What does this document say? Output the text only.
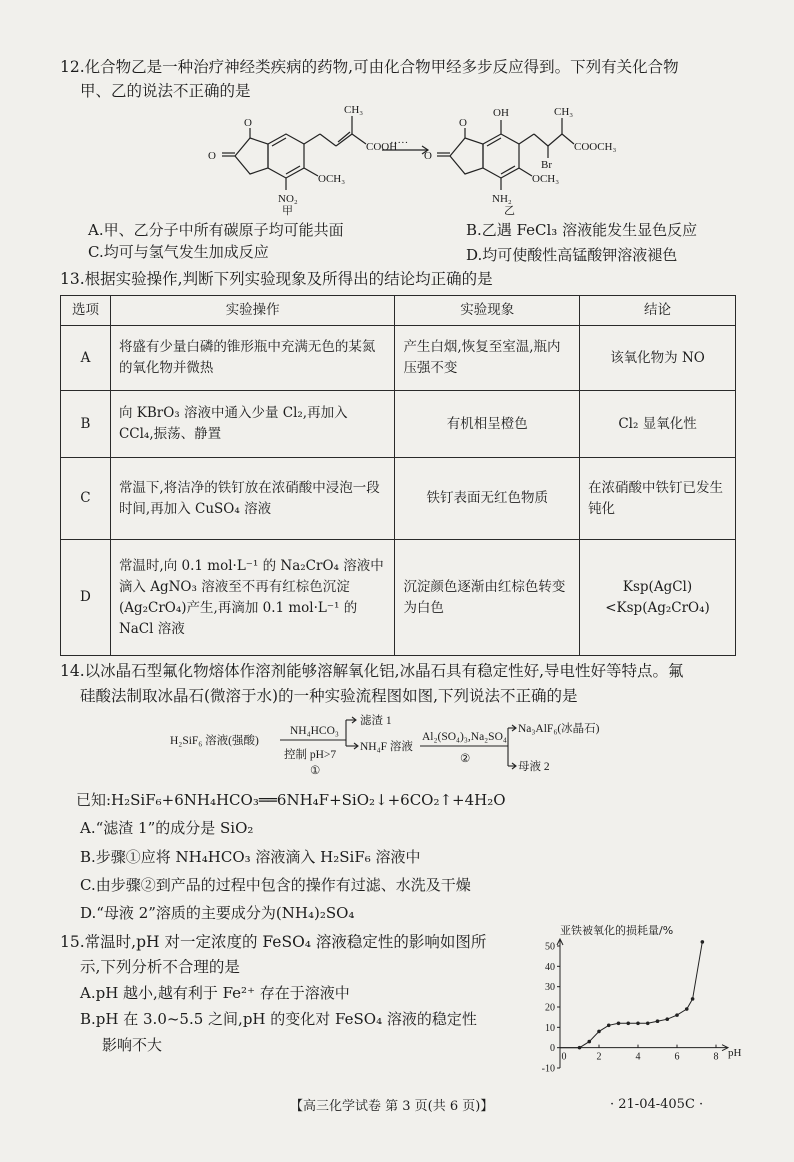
12.化合物乙是一种治疗神经类疾病的药物,可由化合物甲经多步反应得到。下列有关化合物
甲、乙的说法不正确的是
O
O
CH₃
COOH
OCH₃
NO₂
甲
·····
O
O
OH	CH₃
COOCH₃
Br
OCH₃
NH₂
乙
A.甲、乙分子中所有碳原子均可能共面	B.乙遇 FeCl₃ 溶液能发生显色反应
C.均可与氢气发生加成反应	D.均可使酸性高锰酸钾溶液褪色
13.根据实验操作,判断下列实验现象及所得出的结论均正确的是
选项	实验操作	实验现象	结论
A	将盛有少量白磷的锥形瓶中充满无色的某氮的氧化物并微热	产生白烟,恢复至室温,瓶内压强不变	该氧化物为 NO
B	向 KBrO₃ 溶液中通入少量 Cl₂,再加入 CCl₄,振荡、静置	有机相呈橙色	Cl₂ 显氧化性
C	常温下,将洁净的铁钉放在浓硝酸中浸泡一段时间,再加入 CuSO₄ 溶液	铁钉表面无红色物质	在浓硝酸中铁钉已发生钝化
D	常温时,向 0.1 mol·L⁻¹ 的 Na₂CrO₄ 溶液中滴入 AgNO₃ 溶液至不再有红棕色沉淀(Ag₂CrO₄)产生,再滴加 0.1 mol·L⁻¹ 的 NaCl 溶液	沉淀颜色逐渐由红棕色转变为白色	Ksp(AgCl)<Ksp(Ag₂CrO₄)
14.以冰晶石型氟化物熔体作溶剂能够溶解氧化铝,冰晶石具有稳定性好,导电性好等特点。氟
硅酸法制取冰晶石(微溶于水)的一种实验流程图如图,下列说法不正确的是
H₂SiF₆ 溶液(强酸)
NH₄HCO₃
控制 pH>7
①
滤渣 1
NH₄F 溶液
Al₂(SO₄)₃,Na₂SO₄
②
Na₃AlF₆(冰晶石)
母液 2
已知:H₂SiF₆+6NH₄HCO₃══6NH₄F+SiO₂↓+6CO₂↑+4H₂O
A.“滤渣 1”的成分是 SiO₂
B.步骤①应将 NH₄HCO₃ 溶液滴入 H₂SiF₆ 溶液中
C.由步骤②到产品的过程中包含的操作有过滤、水洗及干燥
D.“母液 2”溶质的主要成分为(NH₄)₂SO₄
15.常温时,pH 对一定浓度的 FeSO₄ 溶液稳定性的影响如图所
示,下列分析不合理的是
A.pH 越小,越有利于 Fe²⁺ 存在于溶液中
B.pH 在 3.0~5.5 之间,pH 的变化对 FeSO₄ 溶液的稳定性
影响不大
亚铁被氧化的损耗量/%
pH
-10
0
10
20
30
40
50
0	2	4	6	8
【高三化学试卷 第 3 页(共 6 页)】	· 21-04-405C ·
